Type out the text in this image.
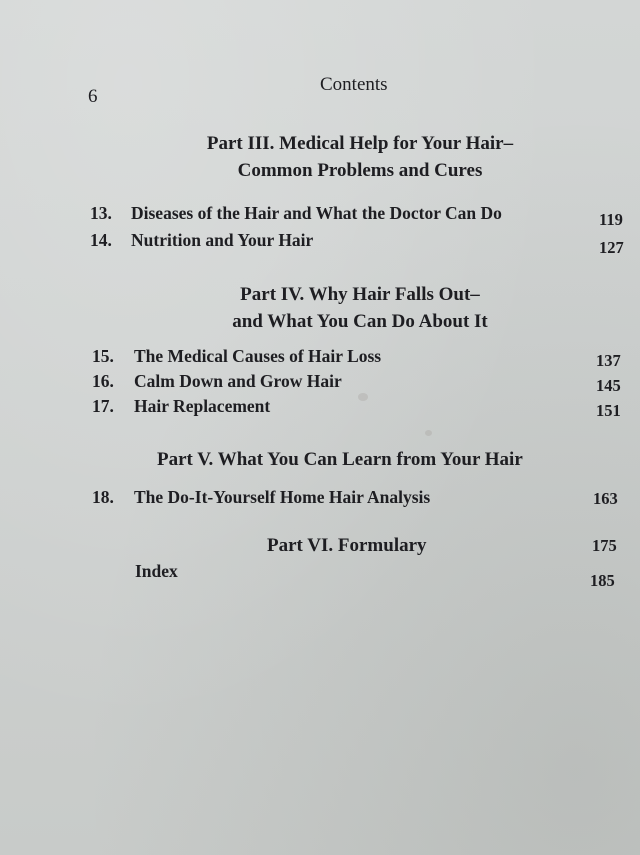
6
Contents
Part III. Medical Help for Your Hair–
Common Problems and Cures
13. Diseases of the Hair and What the Doctor Can Do	119
14. Nutrition and Your Hair	127
Part IV. Why Hair Falls Out–
and What You Can Do About It
15. The Medical Causes of Hair Loss	137
16. Calm Down and Grow Hair	145
17. Hair Replacement	151
Part V. What You Can Learn from Your Hair
18. The Do-It-Yourself Home Hair Analysis	163
Part VI. Formulary	175
Index	185
